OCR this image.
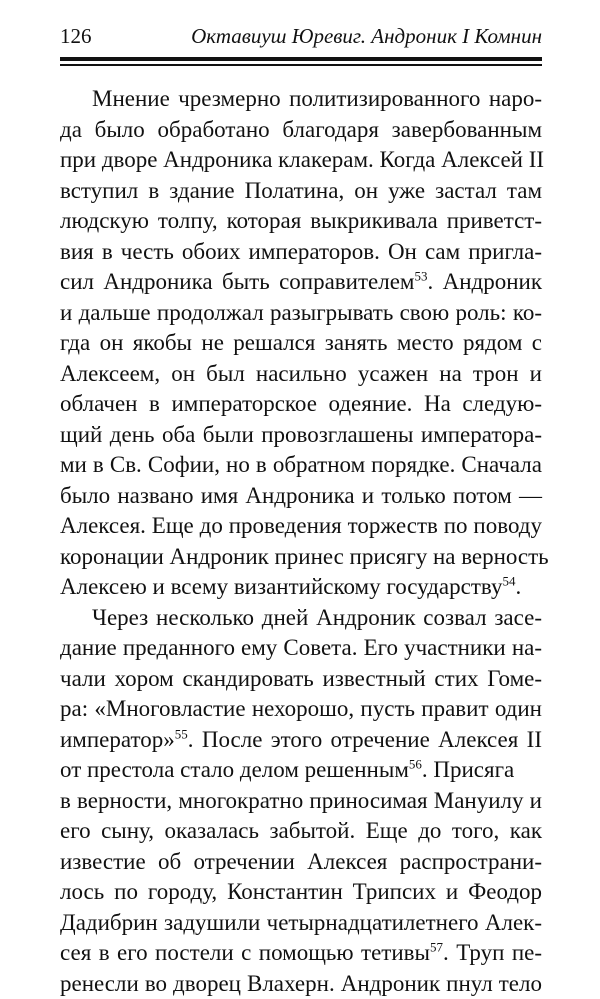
126	Октавиуш Юревиг. Андроник I Комнин
Мнение чрезмерно политизированного наро-
да было обработано благодаря завербованным
при дворе Андроника клакерам. Когда Алексей II
вступил в здание Полатина, он уже застал там
людскую толпу, которая выкрикивала приветст-
вия в честь обоих императоров. Он сам пригла-
сил Андроника быть соправителем$^{53}$. Андроник
и дальше продолжал разыгрывать свою роль: ко-
гда он якобы не решался занять место рядом с
Алексеем, он был насильно усажен на трон и
облачен в императорское одеяние. На следую-
щий день оба были провозглашены императора-
ми в Св. Софии, но в обратном порядке. Сначала
было названо имя Андроника и только потом —
Алексея. Еще до проведения торжеств по поводу
коронации Андроник принес присягу на верность
Алексею и всему византийскому государству$^{54}$.
Через несколько дней Андроник созвал засе-
дание преданного ему Совета. Его участники на-
чали хором скандировать известный стих Гоме-
ра: «Многовластие нехорошо, пусть правит один
император»$^{55}$. После этого отречение Алексея II
от престола стало делом решенным$^{56}$. Присяга
в верности, многократно приносимая Мануилу и
его сыну, оказалась забытой. Еще до того, как
известие об отречении Алексея распространи-
лось по городу, Константин Трипсих и Феодор
Дадибрин задушили четырнадцатилетнего Алек-
сея в его постели с помощью тетивы$^{57}$. Труп пе-
ренесли во дворец Влахерн. Андроник пнул тело
